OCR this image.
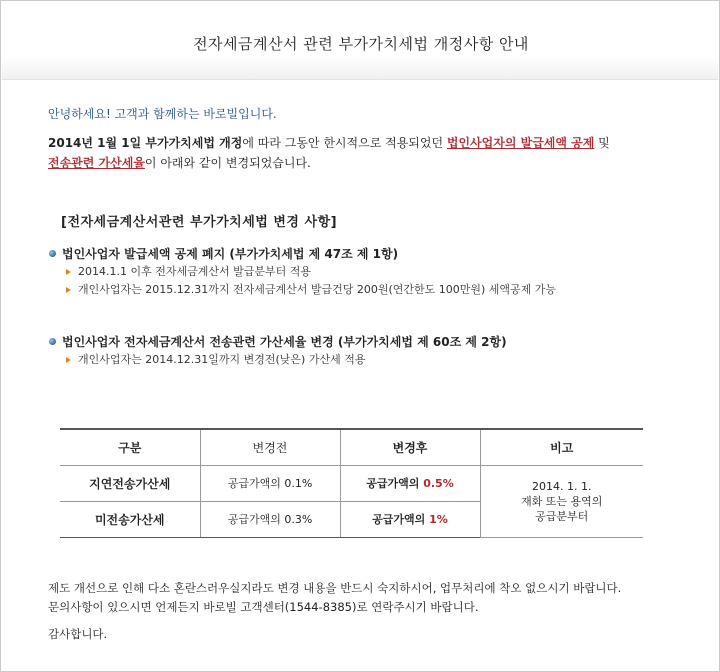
전자세금계산서 관련 부가가치세법 개정사항 안내
안녕하세요! 고객과 함께하는 바로빌입니다.
2014년 1월 1일 부가가치세법 개정에 따라 그동안 한시적으로 적용되었던 법인사업자의 발급세액 공제 및
전송관련 가산세율이 아래와 같이 변경되었습니다.
[전자세금계산서관련 부가가치세법 변경 사항]
법인사업자 발급세액 공제 폐지 (부가가치세법 제 47조 제 1항)
2014.1.1 이후 전자세금계산서 발급분부터 적용
개인사업자는 2015.12.31까지 전자세금계산서 발급건당 200원(연간한도 100만원) 세액공제 가능
법인사업자 전자세금계산서 전송관련 가산세율 변경 (부가가치세법 제 60조 제 2항)
개인사업자는 2014.12.31일까지 변경전(낮은) 가산세 적용
구분	변경전	변경후	비고
지연전송가산세	공급가액의 0.1%	공급가액의 0.5%	2014. 1. 1.
재화 또는 용역의
공급분부터

미전송가산세	공급가액의 0.3%	공급가액의 1%	
제도 개선으로 인해 다소 혼란스러우실지라도 변경 내용을 반드시 숙지하시어, 업무처리에 착오 없으시기 바랍니다.
문의사항이 있으시면 언제든지 바로빌 고객센터(1544-8385)로 연락주시기 바랍니다.
감사합니다.
